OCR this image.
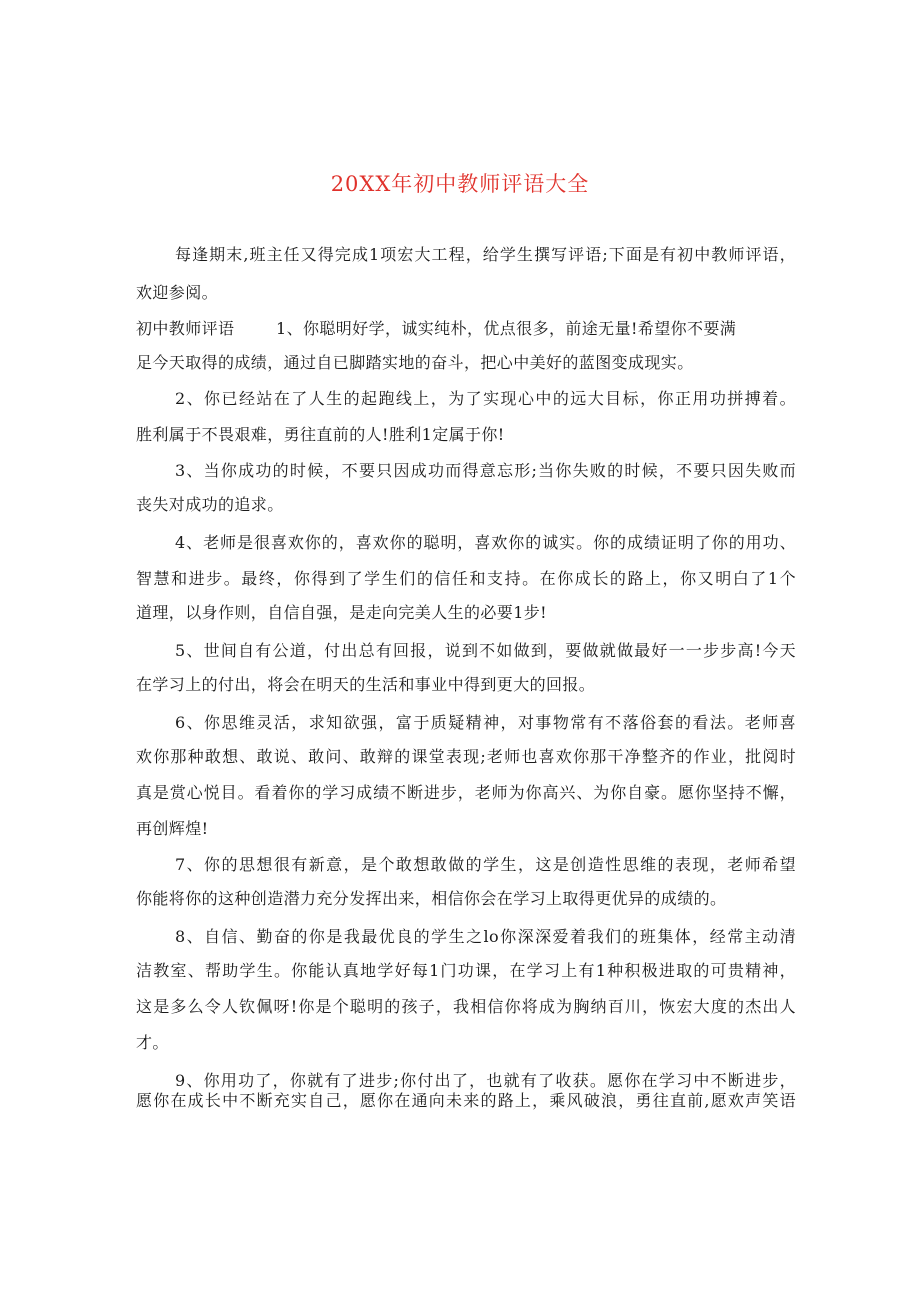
20XX年初中教师评语大全
每逢期末,班主任又得完成1项宏大工程，给学生撰写评语;下面是有初中教师评语，
欢迎参阅。
初中教师评语	1、你聪明好学，诚实纯朴，优点很多，前途无量!希望你不要满
足今天取得的成绩，通过自已脚踏实地的奋斗，把心中美好的蓝图变成现实。
2、你已经站在了人生的起跑线上，为了实现心中的远大目标，你正用功拼搏着。
胜利属于不畏艰难，勇往直前的人!胜利1定属于你!
3、当你成功的时候，不要只因成功而得意忘形;当你失败的时候，不要只因失败而
丧失对成功的追求。
4、老师是很喜欢你的，喜欢你的聪明，喜欢你的诚实。你的成绩证明了你的用功、
智慧和进步。最终，你得到了学生们的信任和支持。在你成长的路上，你又明白了1个
道理，以身作则，自信自强，是走向完美人生的必要1步!
5、世间自有公道，付出总有回报，说到不如做到，要做就做最好一一步步高!今天
在学习上的付出，将会在明天的生活和事业中得到更大的回报。
6、你思维灵活，求知欲强，富于质疑精神，对事物常有不落俗套的看法。老师喜
欢你那种敢想、敢说、敢问、敢辩的课堂表现;老师也喜欢你那干净整齐的作业，批阅时
真是赏心悦目。看着你的学习成绩不断进步，老师为你高兴、为你自豪。愿你坚持不懈，
再创辉煌!
7、你的思想很有新意，是个敢想敢做的学生，这是创造性思维的表现，老师希望
你能将你的这种创造潜力充分发挥出来，相信你会在学习上取得更优异的成绩的。
8、自信、勤奋的你是我最优良的学生之lo你深深爱着我们的班集体，经常主动清
洁教室、帮助学生。你能认真地学好每1门功课，在学习上有1种积极进取的可贵精神，
这是多么令人钦佩呀!你是个聪明的孩子，我相信你将成为胸纳百川，恢宏大度的杰出人
才。
9、你用功了，你就有了进步;你付出了，也就有了收获。愿你在学习中不断进步，
愿你在成长中不断充实自己，愿你在通向未来的路上，乘风破浪，勇往直前,愿欢声笑语
